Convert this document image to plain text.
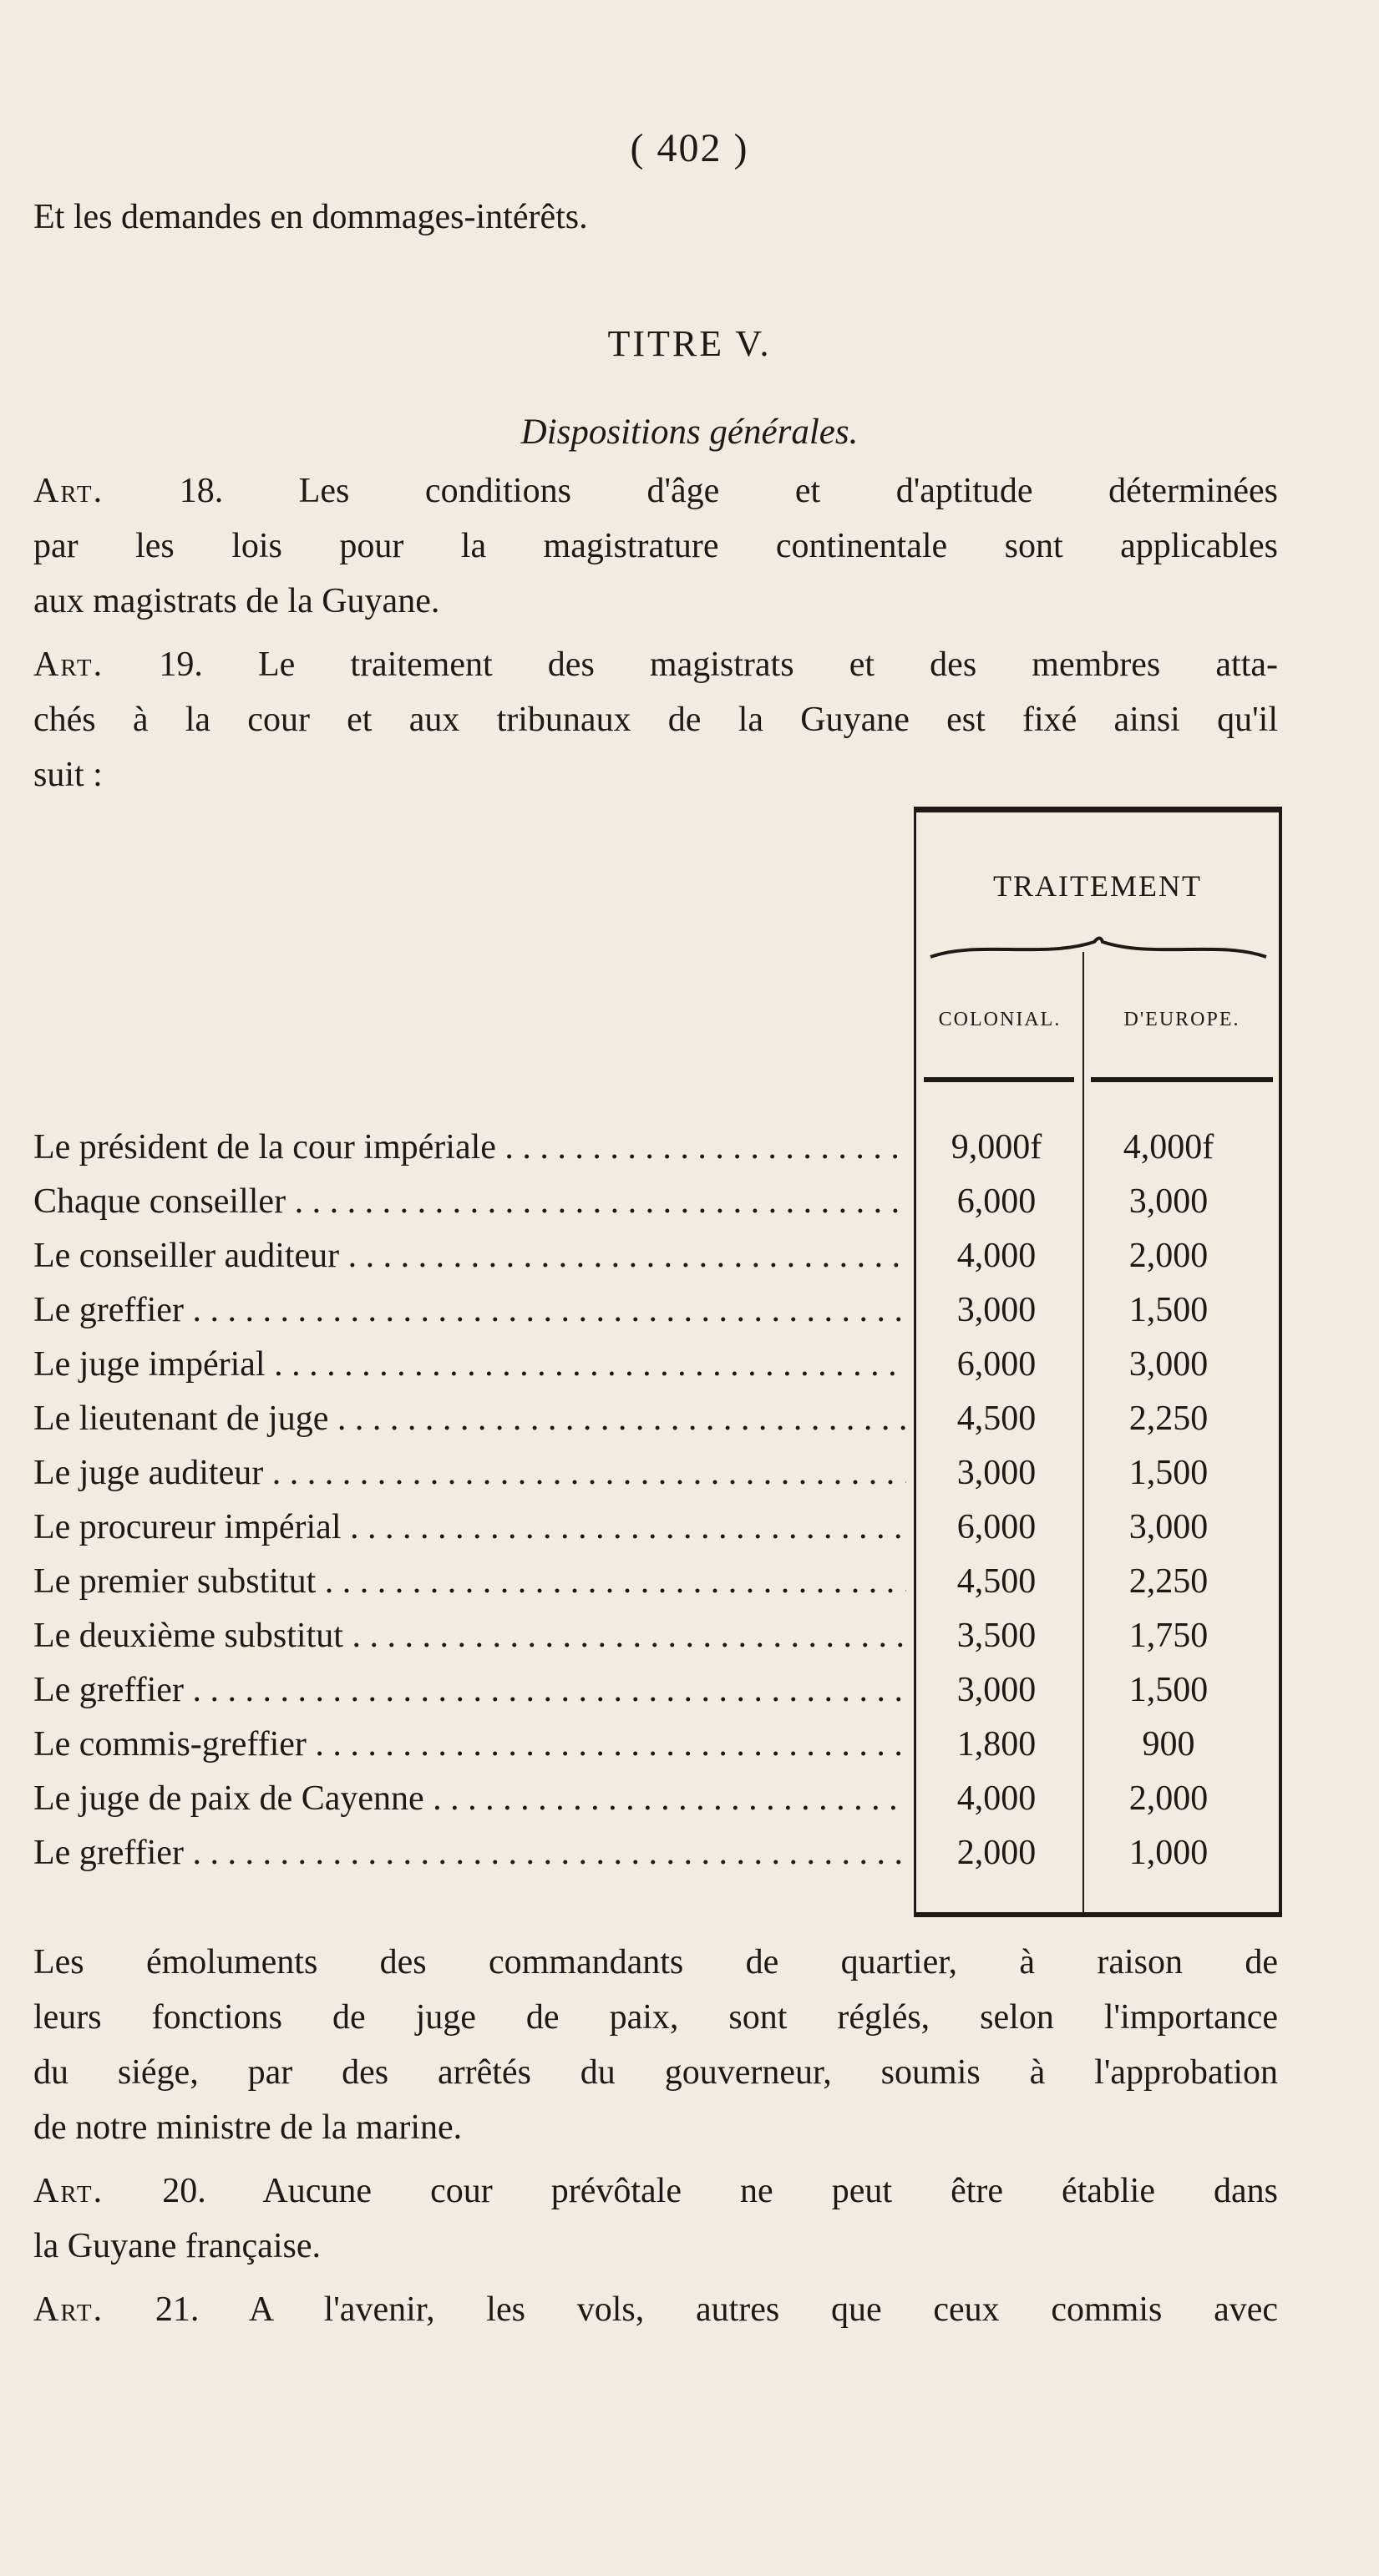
( 402 )
Et les demandes en dommages-intérêts.
TITRE V.
Dispositions générales.
Art. 18. Les conditions d'âge et d'aptitude déterminées
par les lois pour la magistrature continentale sont applicables
aux magistrats de la Guyane.
Art. 19. Le traitement des magistrats et des membres atta-
chés à la cour et aux tribunaux de la Guyane est fixé ainsi qu'il
suit :
TRAITEMENT
COLONIAL.	D'EUROPE.
Le président de la cour impériale . . .	9,000f	4,000f
Chaque conseiller . . .	6,000	3,000
Le conseiller auditeur . . .	4,000	2,000
Le greffier . . .	3,000	1,500
Le juge impérial . . .	6,000	3,000
Le lieutenant de juge . . .	4,500	2,250
Le juge auditeur . . .	3,000	1,500
Le procureur impérial . . .	6,000	3,000
Le premier substitut . . .	4,500	2,250
Le deuxième substitut . . .	3,500	1,750
Le greffier . . .	3,000	1,500
Le commis-greffier . . .	1,800	900
Le juge de paix de Cayenne . . .	4,000	2,000
Le greffier . . .	2,000	1,000
Les émoluments des commandants de quartier, à raison de
leurs fonctions de juge de paix, sont réglés, selon l'importance
du siége, par des arrêtés du gouverneur, soumis à l'approbation
de notre ministre de la marine.
Art. 20. Aucune cour prévôtale ne peut être établie dans
la Guyane française.
Art. 21. A l'avenir, les vols, autres que ceux commis avec
